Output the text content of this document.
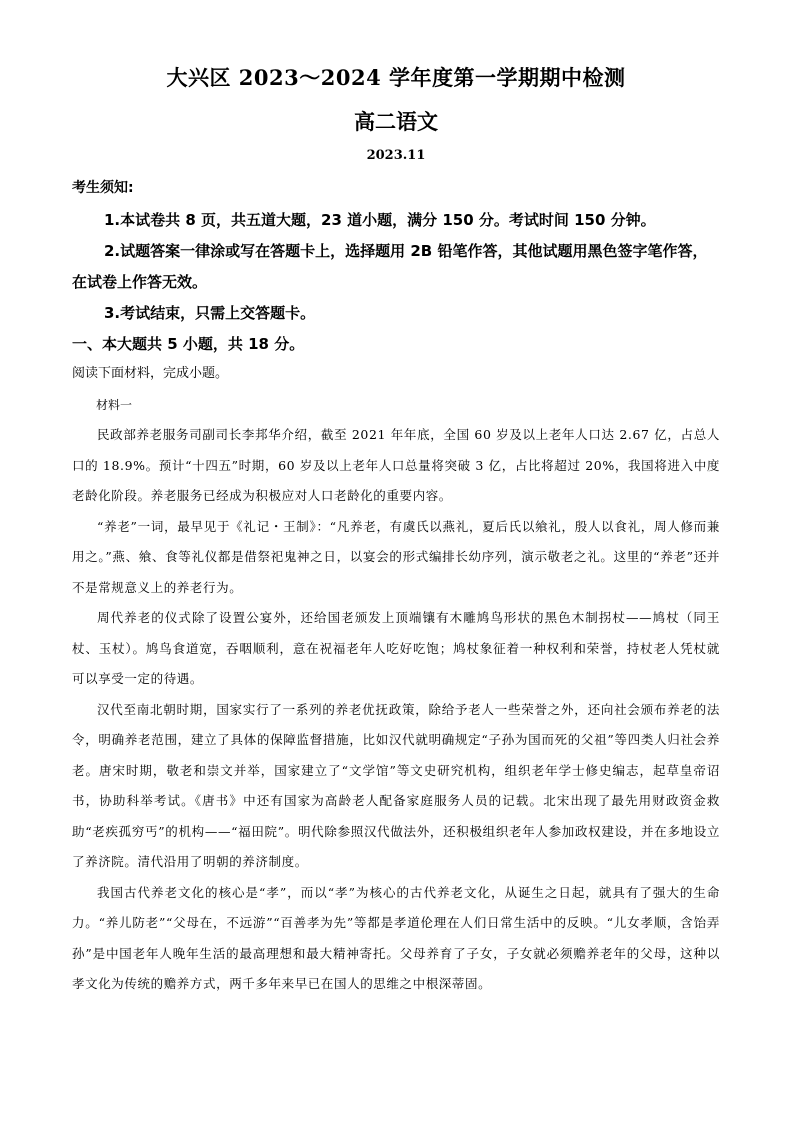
大兴区 2023～2024 学年度第一学期期中检测
高二语文
2023.11
考生须知:

1.本试卷共 8 页，共五道大题，23 道小题，满分 150 分。考试时间 150 分钟。

2.试题答案一律涂或写在答题卡上，选择题用 2B 铅笔作答，其他试题用黑色签字笔作答，在试卷上作答无效。

3.考试结束，只需上交答题卡。

一、本大题共 5 小题，共 18 分。
阅读下面材料，完成小题。
材料一

民政部养老服务司副司长李邦华介绍，截至 2021 年年底，全国 60 岁及以上老年人口达 2.67 亿，占总人口的 18.9%。预计“十四五”时期，60 岁及以上老年人口总量将突破 3 亿，占比将超过 20%，我国将进入中度老龄化阶段。养老服务已经成为积极应对人口老龄化的重要内容。

“养老”一词，最早见于《礼记・王制》：“凡养老，有虞氏以燕礼，夏后氏以飨礼，殷人以食礼，周人修而兼用之。”燕、飨、食等礼仪都是借祭祀鬼神之日，以宴会的形式编排长幼序列，演示敬老之礼。这里的“养老”还并不是常规意义上的养老行为。

周代养老的仪式除了设置公宴外，还给国老颁发上顶端镶有木雕鸠鸟形状的黑色木制拐杖——鸠杖（同王杖、玉杖）。鸠鸟食道宽，吞咽顺利，意在祝福老年人吃好吃饱；鸠杖象征着一种权利和荣誉，持杖老人凭杖就可以享受一定的待遇。

汉代至南北朝时期，国家实行了一系列的养老优抚政策，除给予老人一些荣誉之外，还向社会颁布养老的法令，明确养老范围，建立了具体的保障监督措施，比如汉代就明确规定“子孙为国而死的父祖”等四类人归社会养老。唐宋时期，敬老和崇文并举，国家建立了“文学馆”等文史研究机构，组织老年学士修史编志，起草皇帝诏书，协助科举考试。《唐书》中还有国家为高龄老人配备家庭服务人员的记载。北宋出现了最先用财政资金救助“老疾孤穷丐”的机构——“福田院”。明代除参照汉代做法外，还积极组织老年人参加政权建设，并在多地设立了养济院。清代沿用了明朝的养济制度。

我国古代养老文化的核心是“孝”，而以“孝”为核心的古代养老文化，从诞生之日起，就具有了强大的生命力。“养儿防老”“父母在，不远游”“百善孝为先”等都是孝道伦理在人们日常生活中的反映。“儿女孝顺，含饴弄孙”是中国老年人晚年生活的最高理想和最大精神寄托。父母养育了子女，子女就必须赡养老年的父母，这种以孝文化为传统的赡养方式，两千多年来早已在国人的思维之中根深蒂固。
